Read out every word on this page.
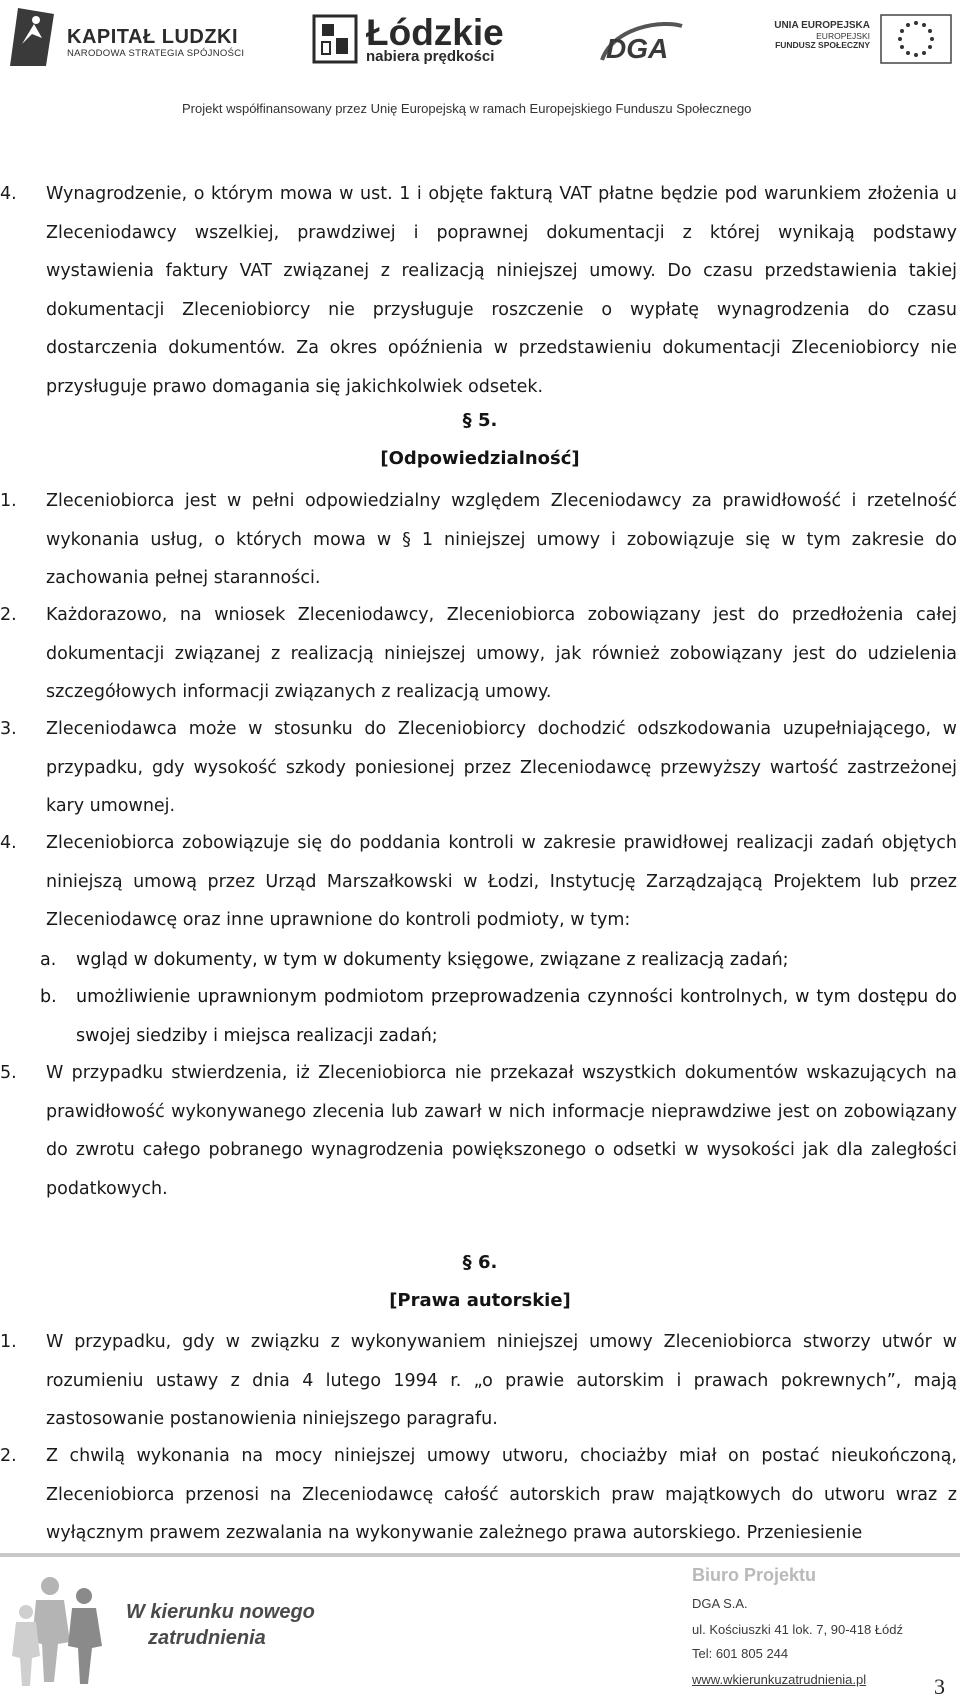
KAPITAŁ LUDZKI
NARODOWA STRATEGIA SPÓJNOŚCI
Łódzkie
nabiera prędkości	DGA
UNIA EUROPEJSKA
EUROPEJSKI
FUNDUSZ SPOŁECZNY
Projekt współfinansowany przez Unię Europejską w ramach Europejskiego Funduszu Społecznego
4. Wynagrodzenie, o którym mowa w ust. 1 i objęte fakturą VAT płatne będzie pod warunkiem złożenia u Zleceniodawcy wszelkiej, prawdziwej i poprawnej dokumentacji z której wynikają podstawy wystawienia faktury VAT związanej z realizacją niniejszej umowy. Do czasu przedstawienia takiej dokumentacji Zleceniobiorcy nie przysługuje roszczenie o wypłatę wynagrodzenia do czasu dostarczenia dokumentów. Za okres opóźnienia w przedstawieniu dokumentacji Zleceniobiorcy nie przysługuje prawo domagania się jakichkolwiek odsetek.
§ 5.
[Odpowiedzialność]
1. Zleceniobiorca jest w pełni odpowiedzialny względem Zleceniodawcy za prawidłowość i rzetelność wykonania usług, o których mowa w § 1 niniejszej umowy i zobowiązuje się w tym zakresie do zachowania pełnej staranności.
2. Każdorazowo, na wniosek Zleceniodawcy, Zleceniobiorca zobowiązany jest do przedłożenia całej dokumentacji związanej z realizacją niniejszej umowy, jak również zobowiązany jest do udzielenia szczegółowych informacji związanych z realizacją umowy.
3. Zleceniodawca może w stosunku do Zleceniobiorcy dochodzić odszkodowania uzupełniającego, w przypadku, gdy wysokość szkody poniesionej przez Zleceniodawcę przewyższy wartość zastrzeżonej kary umownej.
4. Zleceniobiorca zobowiązuje się do poddania kontroli w zakresie prawidłowej realizacji zadań objętych niniejszą umową przez Urząd Marszałkowski w Łodzi, Instytucję Zarządzającą Projektem lub przez Zleceniodawcę oraz inne uprawnione do kontroli podmioty, w tym:
a. wgląd w dokumenty, w tym w dokumenty księgowe, związane z realizacją zadań;
b. umożliwienie uprawnionym podmiotom przeprowadzenia czynności kontrolnych, w tym dostępu do swojej siedziby i miejsca realizacji zadań;
5. W przypadku stwierdzenia, iż Zleceniobiorca nie przekazał wszystkich dokumentów wskazujących na prawidłowość wykonywanego zlecenia lub zawarł w nich informacje nieprawdziwe jest on zobowiązany do zwrotu całego pobranego wynagrodzenia powiększonego o odsetki w wysokości jak dla zaległości podatkowych.
§ 6.
[Prawa autorskie]
1. W przypadku, gdy w związku z wykonywaniem niniejszej umowy Zleceniobiorca stworzy utwór w rozumieniu ustawy z dnia 4 lutego 1994 r. „o prawie autorskim i prawach pokrewnych”, mają zastosowanie postanowienia niniejszego paragrafu.
2. Z chwilą wykonania na mocy niniejszej umowy utworu, chociażby miał on postać nieukończoną, Zleceniobiorca przenosi na Zleceniodawcę całość autorskich praw majątkowych do utworu wraz z wyłącznym prawem zezwalania na wykonywanie zależnego prawa autorskiego. Przeniesienie
W kierunku nowego
zatrudnienia
Biuro Projektu
DGA S.A.
ul. Kościuszki 41 lok. 7, 90-418 Łódź
Tel: 601 805 244
www.wkierunkuzatrudnienia.pl	3
